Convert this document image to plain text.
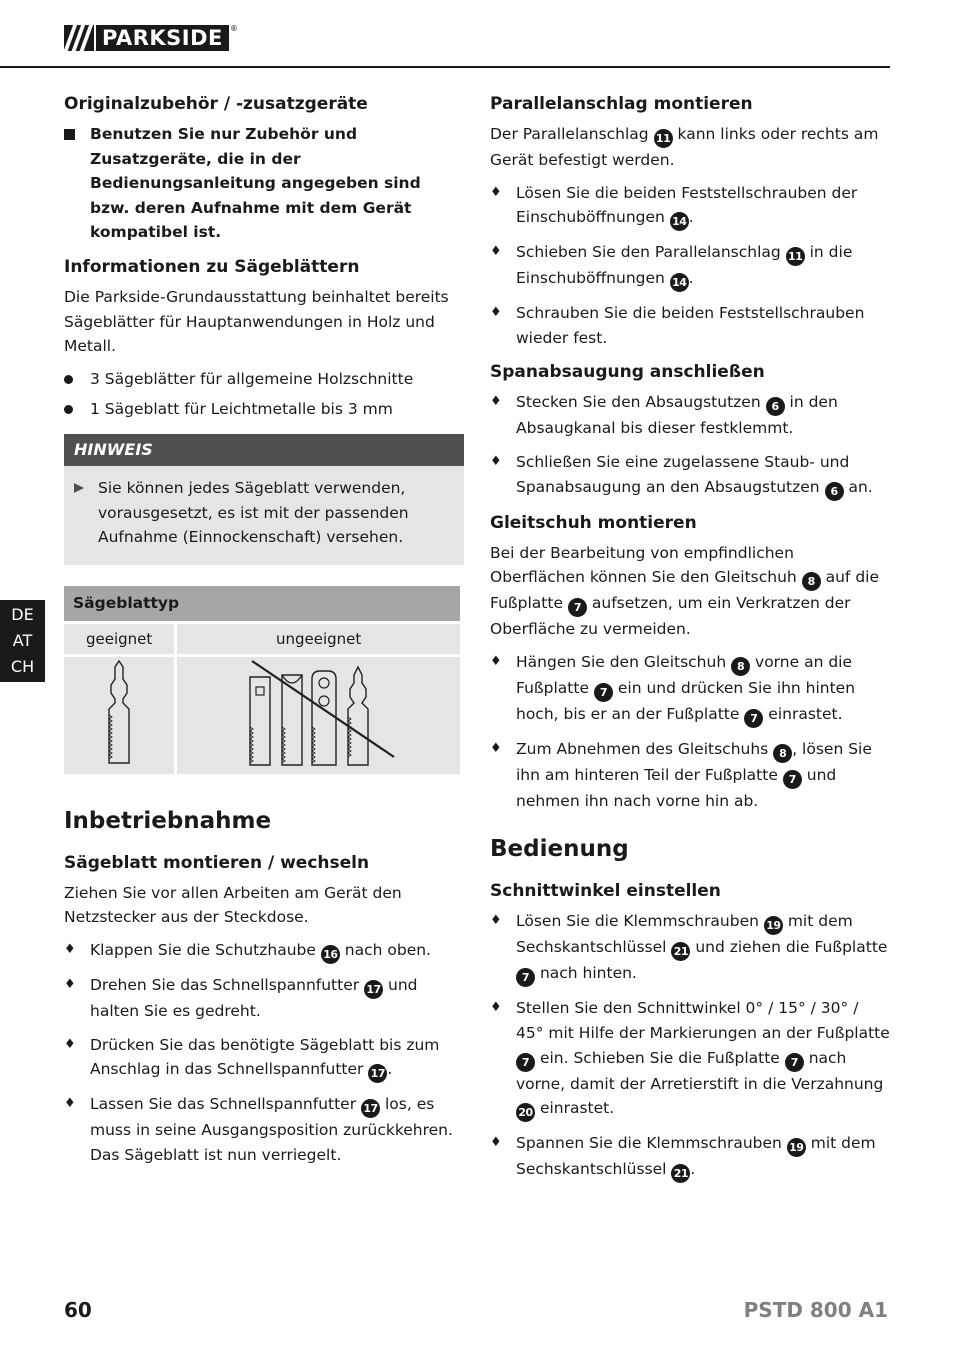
PARKSIDE ®
DE
AT
CH
Originalzubehör / -zusatzgeräte
Benutzen Sie nur Zubehör und Zusatzgeräte, die in der Bedienungsanleitung angegeben sind bzw. deren Aufnahme mit dem Gerät kompatibel ist.
Informationen zu Sägeblättern

Die Parkside-Grundausstattung beinhaltet bereits Sägeblätter für Hauptanwendungen in Holz und Metall.

3 Sägeblätter für allgemeine Holzschnitte
1 Sägeblatt für Leichtmetalle bis 3 mm
HINWEIS
Sie können jedes Sägeblatt verwenden, vorausgesetzt, es ist mit der passenden Aufnahme (Einnockenschaft) versehen.
Sägeblattyp	
geeignet	ungeeignet

Inbetriebnahme
Sägeblatt montieren / wechseln

Ziehen Sie vor allen Arbeiten am Gerät den Netzstecker aus der Steckdose.

♦ Klappen Sie die Schutzhaube 16 nach oben.
♦ Drehen Sie das Schnellspannfutter 17 und halten Sie es gedreht.
♦ Drücken Sie das benötigte Sägeblatt bis zum Anschlag in das Schnellspannfutter 17 .
♦ Lassen Sie das Schnellspannfutter 17 los, es muss in seine Ausgangsposition zurückkehren. Das Sägeblatt ist nun verriegelt.
Parallelanschlag montieren

Der Parallelanschlag 11 kann links oder rechts am Gerät befestigt werden.

♦ Lösen Sie die beiden Feststellschrauben der Einschuböffnungen 14 .
♦ Schieben Sie den Parallelanschlag 11 in die Einschuböffnungen 14 .
♦ Schrauben Sie die beiden Feststellschrauben wieder fest.
Spanabsaugung anschließen
♦ Stecken Sie den Absaugstutzen 6 in den Absaugkanal bis dieser festklemmt.
♦ Schließen Sie eine zugelassene Staub- und Spanabsaugung an den Absaugstutzen 6 an.
Gleitschuh montieren

Bei der Bearbeitung von empfindlichen Oberflächen können Sie den Gleitschuh 8 auf die Fußplatte 7 aufsetzen, um ein Verkratzen der Oberfläche zu vermeiden.

♦ Hängen Sie den Gleitschuh 8 vorne an die Fußplatte 7 ein und drücken Sie ihn hinten hoch, bis er an der Fußplatte 7 einrastet.
♦ Zum Abnehmen des Gleitschuhs 8 , lösen Sie ihn am hinteren Teil der Fußplatte 7 und nehmen ihn nach vorne hin ab.
Bedienung
Schnittwinkel einstellen
♦ Lösen Sie die Klemmschrauben 19 mit dem Sechskantschlüssel 21 und ziehen die Fußplatte 7 nach hinten.
♦ Stellen Sie den Schnittwinkel 0° / 15° / 30° / 45° mit Hilfe der Markierungen an der Fußplatte 7 ein. Schieben Sie die Fußplatte 7 nach vorne, damit der Arretierstift in die Verzahnung 20 einrastet.
♦ Spannen Sie die Klemmschrauben 19 mit dem Sechskantschlüssel 21 .
60	PSTD 800 A1
